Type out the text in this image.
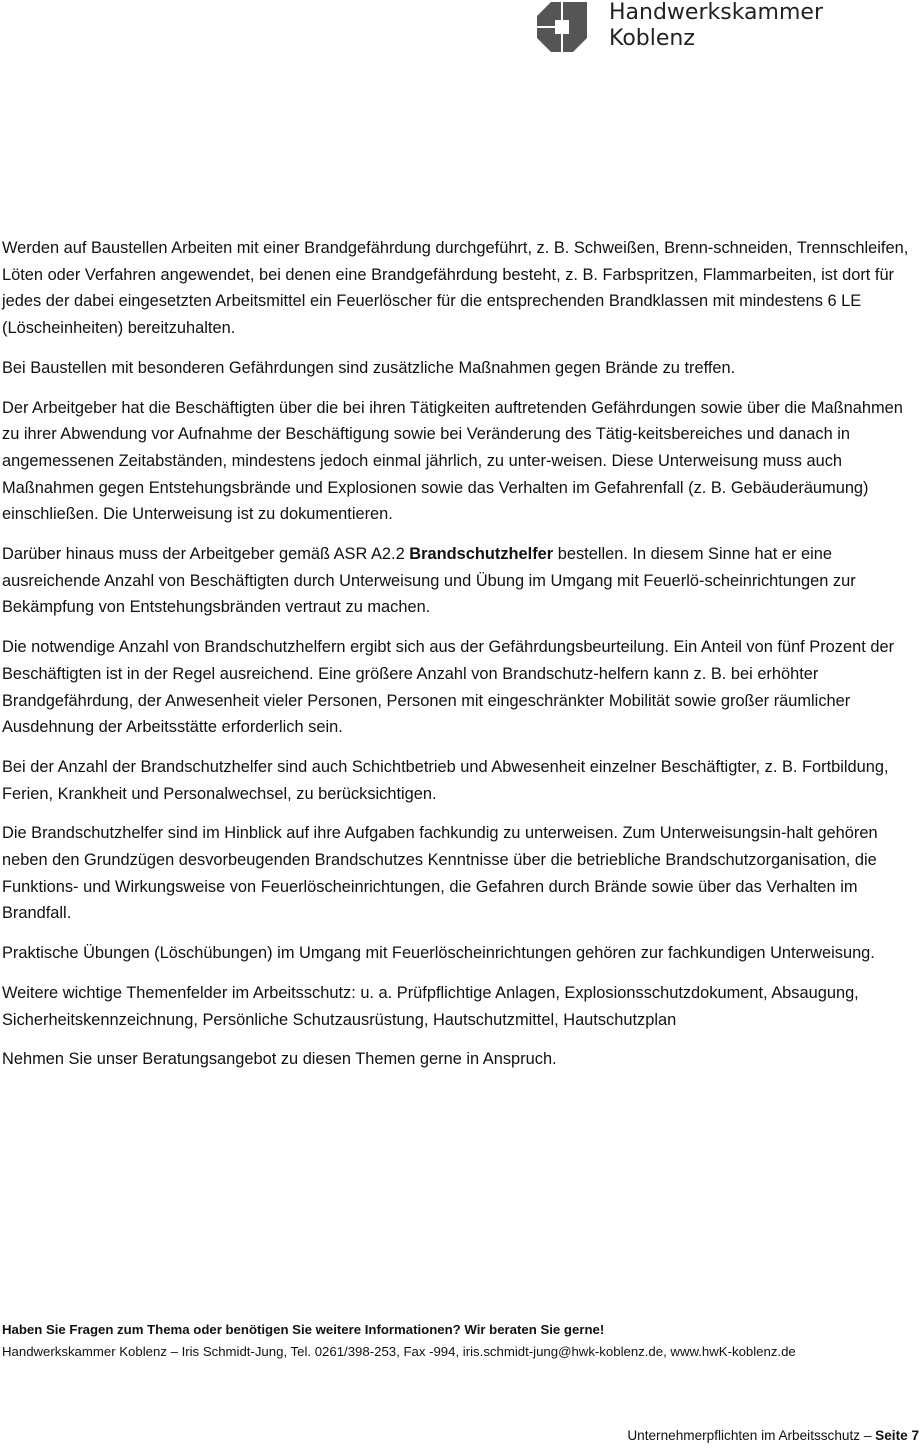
Handwerkskammer
Koblenz

Werden auf Baustellen Arbeiten mit einer Brandgefährdung durchgeführt, z. B. Schweißen, Brenn-schneiden, Trennschleifen, Löten oder Verfahren angewendet, bei denen eine Brandgefährdung besteht, z. B. Farbspritzen, Flammarbeiten, ist dort für jedes der dabei eingesetzten Arbeitsmittel ein Feuerlöscher für die entsprechenden Brandklassen mit mindestens 6 LE (Löscheinheiten) bereitzuhalten.

Bei Baustellen mit besonderen Gefährdungen sind zusätzliche Maßnahmen gegen Brände zu treffen.

Der Arbeitgeber hat die Beschäftigten über die bei ihren Tätigkeiten auftretenden Gefährdungen sowie über die Maßnahmen zu ihrer Abwendung vor Aufnahme der Beschäftigung sowie bei Veränderung des Tätig-keitsbereiches und danach in angemessenen Zeitabständen, mindestens jedoch einmal jährlich, zu unter-weisen. Diese Unterweisung muss auch Maßnahmen gegen Entstehungsbrände und Explosionen sowie das Verhalten im Gefahrenfall (z. B. Gebäuderäumung) einschließen. Die Unterweisung ist zu dokumentieren.

Darüber hinaus muss der Arbeitgeber gemäß ASR A2.2 Brandschutzhelfer bestellen. In diesem Sinne hat er eine ausreichende Anzahl von Beschäftigten durch Unterweisung und Übung im Umgang mit Feuerlö-scheinrichtungen zur Bekämpfung von Entstehungsbränden vertraut zu machen.

Die notwendige Anzahl von Brandschutzhelfern ergibt sich aus der Gefährdungsbeurteilung. Ein Anteil von fünf Prozent der Beschäftigten ist in der Regel ausreichend. Eine größere Anzahl von Brandschutz-helfern kann z. B. bei erhöhter Brandgefährdung, der Anwesenheit vieler Personen, Personen mit eingeschränkter Mobilität sowie großer räumlicher Ausdehnung der Arbeitsstätte erforderlich sein.

Bei der Anzahl der Brandschutzhelfer sind auch Schichtbetrieb und Abwesenheit einzelner Beschäftigter, z. B. Fortbildung, Ferien, Krankheit und Personalwechsel, zu berücksichtigen.

Die Brandschutzhelfer sind im Hinblick auf ihre Aufgaben fachkundig zu unterweisen. Zum Unterweisungsin-halt gehören neben den Grundzügen desvorbeugenden Brandschutzes Kenntnisse über die betriebliche Brandschutzorganisation, die Funktions- und Wirkungsweise von Feuerlöscheinrichtungen, die Gefahren durch Brände sowie über das Verhalten im Brandfall.

Praktische Übungen (Löschübungen) im Umgang mit Feuerlöscheinrichtungen gehören zur fachkundigen Unterweisung.

Weitere wichtige Themenfelder im Arbeitsschutz: u. a. Prüfpflichtige Anlagen, Explosionsschutzdokument, Absaugung, Sicherheitskennzeichnung, Persönliche Schutzausrüstung, Hautschutzmittel, Hautschutzplan

Nehmen Sie unser Beratungsangebot zu diesen Themen gerne in Anspruch.

Haben Sie Fragen zum Thema oder benötigen Sie weitere Informationen? Wir beraten Sie gerne!
Handwerkskammer Koblenz – Iris Schmidt-Jung, Tel. 0261/398-253, Fax -994, iris.schmidt-jung@hwk-koblenz.de, www.hwK-koblenz.de
Unternehmerpflichten im Arbeitsschutz – Seite 7
